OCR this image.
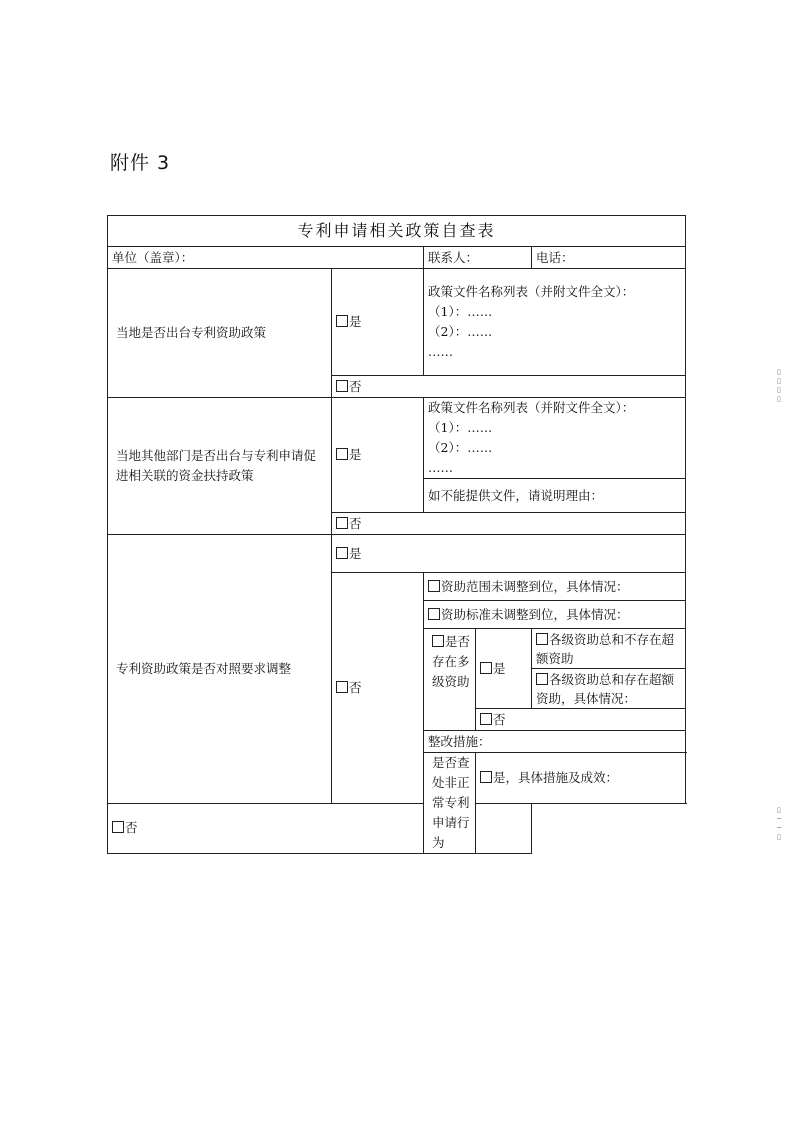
附件 3
专利申请相关政策自查表				
单位（盖章）：		联系人：		电话：
当地是否出台专利资助政策	是	政策文件名称列表（并附文件全文）：
（1）：……
（2）：……
……		

	否			
当地其他部门是否出台与专利申请促进相关联的资金扶持政策	是	政策文件名称列表（并附文件全文）：
（1）：……
（2）：……
……		

		如不能提供文件，请说明理由：		
	否			
专利资助政策是否对照要求调整	是			
	否	资助范围未调整到位，具体情况：		
		资助标准未调整到位，具体情况：		
		是否存在多级资助	是	各级资助总和不存在超额资助
				各级资助总和存在超额资助，具体情况：
			否	
		整改措施：		
		是否查处非正常专利申请行为	是，具体措施及成效：	
否				
▯ ▯ ▯ ▯
▯ ─ ─ ▯
